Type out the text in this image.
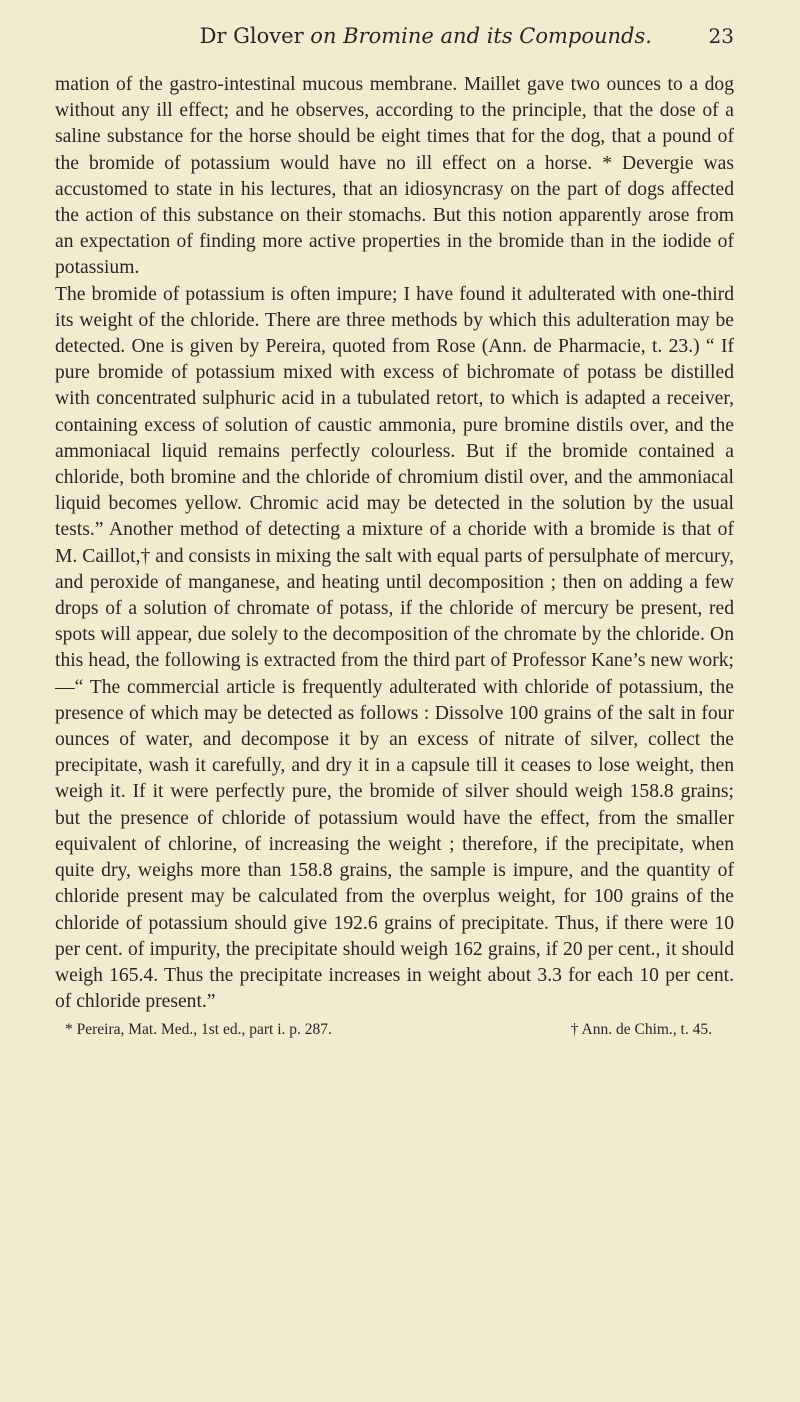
Dr Glover on Bromine and its Compounds.	23

mation of the gastro-intestinal mucous membrane. Maillet gave two ounces to a dog without any ill effect; and he observes, according to the principle, that the dose of a saline substance for the horse should be eight times that for the dog, that a pound of the bromide of potassium would have no ill effect on a horse. * Devergie was accustomed to state in his lectures, that an idiosyncrasy on the part of dogs affected the action of this substance on their stomachs. But this notion apparently arose from an expectation of finding more active properties in the bromide than in the iodide of potassium.

The bromide of potassium is often impure; I have found it adulterated with one-third its weight of the chloride. There are three methods by which this adulteration may be detected. One is given by Pereira, quoted from Rose (Ann. de Pharmacie, t. 23.) “ If pure bromide of potassium mixed with excess of bichromate of potass be distilled with concentrated sulphuric acid in a tubulated retort, to which is adapted a receiver, containing excess of solution of caustic ammonia, pure bromine distils over, and the ammoniacal liquid remains perfectly colourless. But if the bromide contained a chloride, both bromine and the chloride of chromium distil over, and the ammoniacal liquid becomes yellow. Chromic acid may be detected in the solution by the usual tests.” Another method of detecting a mixture of a choride with a bromide is that of M. Caillot,† and consists in mixing the salt with equal parts of persulphate of mercury, and peroxide of manganese, and heating until decomposition ; then on adding a few drops of a solution of chromate of potass, if the chloride of mercury be present, red spots will appear, due solely to the decomposition of the chromate by the chloride. On this head, the following is extracted from the third part of Professor Kane’s new work;—“ The commercial article is frequently adulterated with chloride of potassium, the presence of which may be detected as follows : Dissolve 100 grains of the salt in four ounces of water, and decompose it by an excess of nitrate of silver, collect the precipitate, wash it carefully, and dry it in a capsule till it ceases to lose weight, then weigh it. If it were perfectly pure, the bromide of silver should weigh 158.8 grains; but the presence of chloride of potassium would have the effect, from the smaller equivalent of chlorine, of increasing the weight ; therefore, if the precipitate, when quite dry, weighs more than 158.8 grains, the sample is impure, and the quantity of chloride present may be calculated from the overplus weight, for 100 grains of the chloride of potassium should give 192.6 grains of precipitate. Thus, if there were 10 per cent. of impurity, the precipitate should weigh 162 grains, if 20 per cent., it should weigh 165.4. Thus the precipitate increases in weight about 3.3 for each 10 per cent. of chloride present.”

* Pereira, Mat. Med., 1st ed., part i. p. 287.	† Ann. de Chim., t. 45.
